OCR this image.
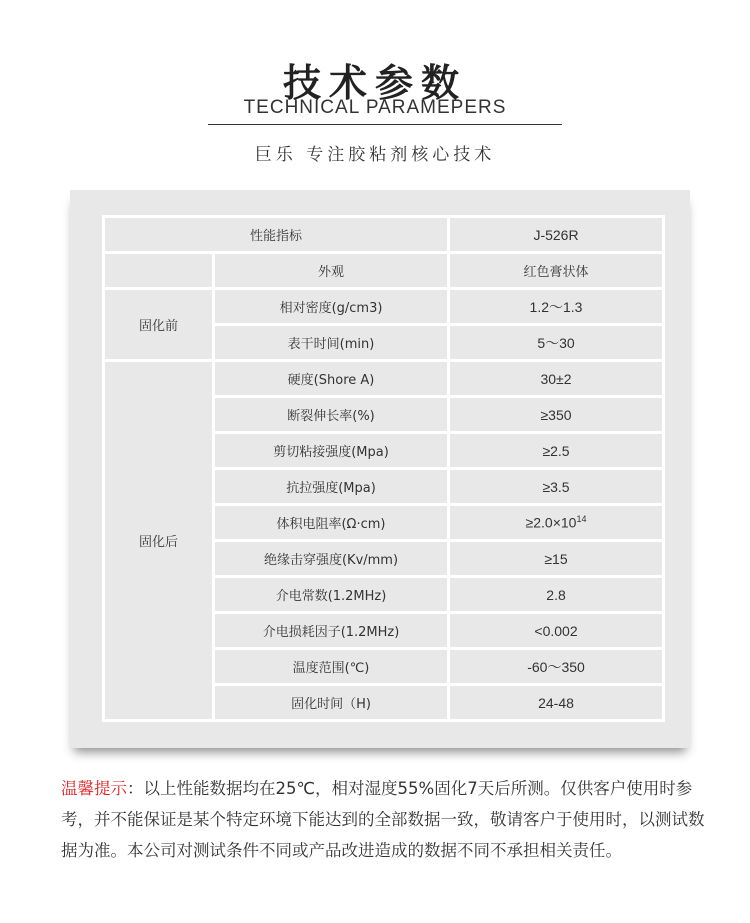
技术参数
TECHNICAL PARAMEPERS
巨乐 专注胶粘剂核心技术
性能指标		J-526R
	外观	红色膏状体
固化前	相对密度(g/cm3)	1.2～1.3
	表干时间(min)	5～30
固化后	硬度(Shore A)	30±2
	断裂伸长率(%)	≥350
	剪切粘接强度(Mpa)	≥2.5
	抗拉强度(Mpa)	≥3.5
	体积电阻率(Ω·cm)	$\ge 2.0\times 10^{14}$
	绝缘击穿强度(Kv/mm)	≥15
	介电常数(1.2MHz)	2.8
	介电损耗因子(1.2MHz)	<0.002
	温度范围(℃)	-60～350
	固化时间（H)	24-48
温馨提示：以上性能数据均在25℃，相对湿度55%固化7天后所测。仅供客户使用时参考，并不能保证是某个特定环境下能达到的全部数据一致，敬请客户于使用时，以测试数据为准。本公司对测试条件不同或产品改进造成的数据不同不承担相关责任。
